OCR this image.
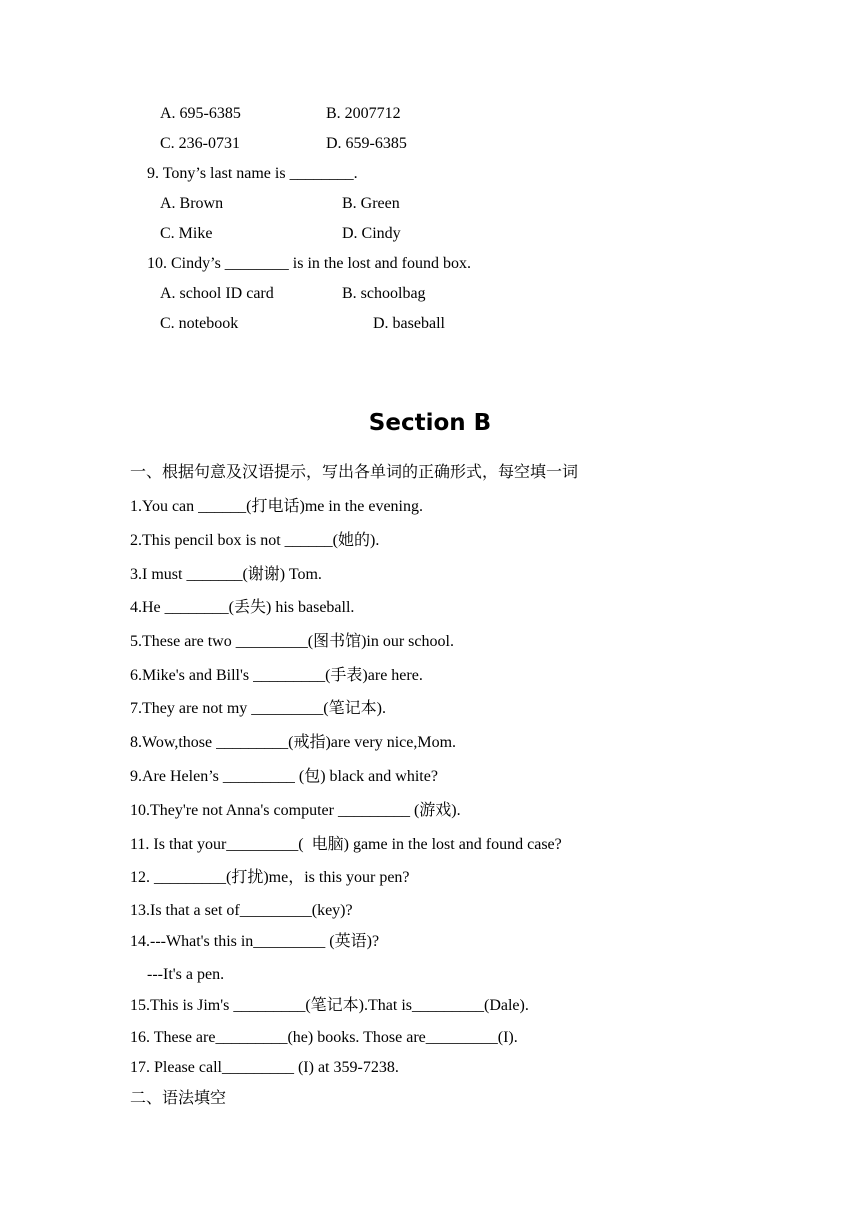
A. 695-6385	B. 2007712
C. 236-0731	D. 659-6385
9. Tony’s last name is ________.
A. Brown	B. Green
C. Mike	D. Cindy
10. Cindy’s ________ is in the lost and found box.
A. school ID card	B. schoolbag
C. notebook	D. baseball
Section B
一、根据句意及汉语提示，写出各单词的正确形式，每空填一词
1.You can ______(打电话)me in the evening.
2.This pencil box is not ______(她的).
3.I must _______(谢谢) Tom.
4.He ________(丢失) his baseball.
5.These are two _________(图书馆)in our school.
6.Mike's and Bill's _________(手表)are here.
7.They are not my _________(笔记本).
8.Wow,those _________(戒指)are very nice,Mom.
9.Are Helen’s _________ (包) black and white?
10.They're not Anna's computer _________ (游戏).
11. Is that your_________(  电脑) game in the lost and found case?
12. _________(打扰)me，is this your pen?
13.Is that a set of_________(key)?
14.---What's this in_________ (英语)?
---It's a pen.
15.This is Jim's _________(笔记本).That is_________(Dale).
16. These are_________(he) books. Those are_________(I).
17. Please call_________ (I) at 359-7238.
二、语法填空
